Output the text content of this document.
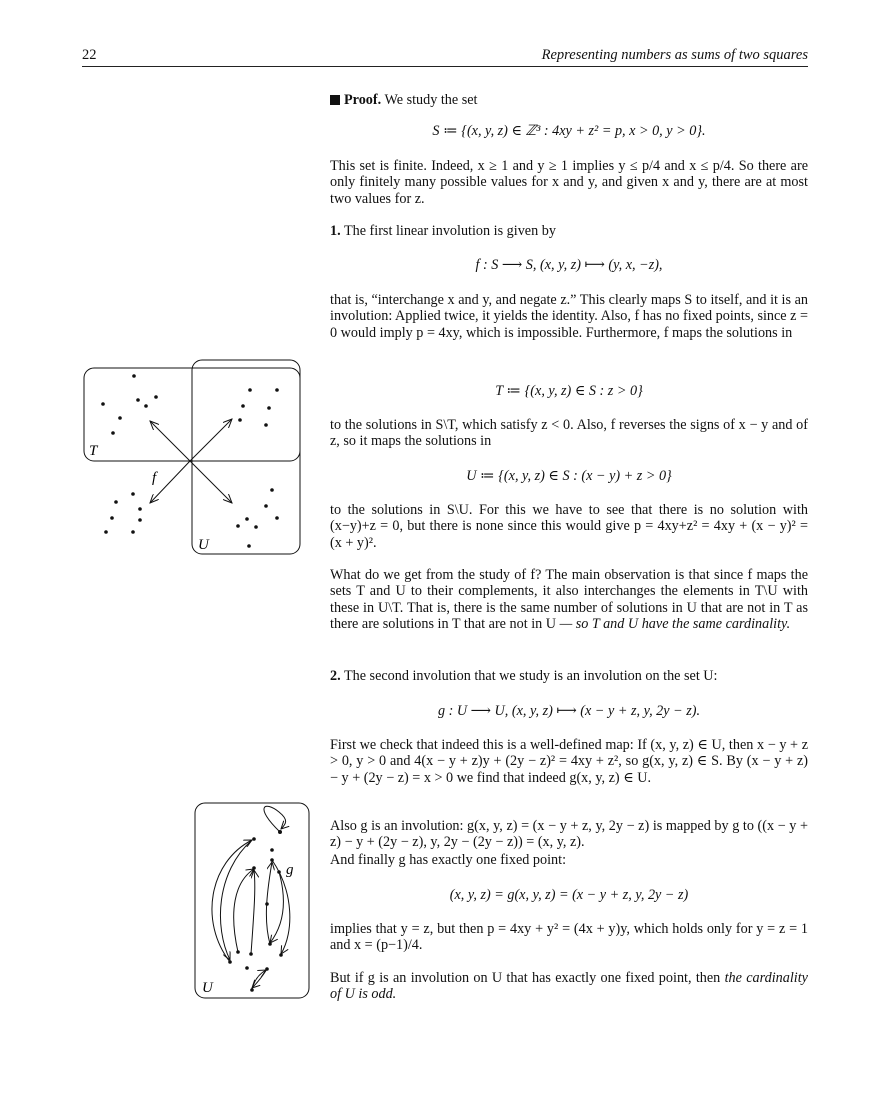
22	Representing numbers as sums of two squares
Proof. We study the set
S ≔ {(x, y, z) ∈ ℤ³ : 4xy + z² = p, x > 0, y > 0}.
This set is finite. Indeed, x ≥ 1 and y ≥ 1 implies y ≤ p/4 and x ≤ p/4. So there are only finitely many possible values for x and y, and given x and y, there are at most two values for z.
1. The first linear involution is given by
f : S ⟶ S, (x, y, z) ⟼ (y, x, −z),
that is, “interchange x and y, and negate z.” This clearly maps S to itself, and it is an involution: Applied twice, it yields the identity. Also, f has no fixed points, since z = 0 would imply p = 4xy, which is impossible. Furthermore, f maps the solutions in
T ≔ {(x, y, z) ∈ S : z > 0}
to the solutions in S\T, which satisfy z < 0. Also, f reverses the signs of x − y and of z, so it maps the solutions in
U ≔ {(x, y, z) ∈ S : (x − y) + z > 0}
to the solutions in S\U. For this we have to see that there is no solution with (x−y)+z = 0, but there is none since this would give p = 4xy+z² = 4xy + (x − y)² = (x + y)².
What do we get from the study of f? The main observation is that since f maps the sets T and U to their complements, it also interchanges the elements in T\U with these in U\T. That is, there is the same number of solutions in U that are not in T as there are solutions in T that are not in U — so T and U have the same cardinality.
2. The second involution that we study is an involution on the set U:
g : U ⟶ U, (x, y, z) ⟼ (x − y + z, y, 2y − z).
First we check that indeed this is a well-defined map: If (x, y, z) ∈ U, then x − y + z > 0, y > 0 and 4(x − y + z)y + (2y − z)² = 4xy + z², so g(x, y, z) ∈ S. By (x − y + z) − y + (2y − z) = x > 0 we find that indeed g(x, y, z) ∈ U.
Also g is an involution: g(x, y, z) = (x − y + z, y, 2y − z) is mapped by g to ((x − y + z) − y + (2y − z), y, 2y − (2y − z)) = (x, y, z).
And finally g has exactly one fixed point:
(x, y, z) = g(x, y, z) = (x − y + z, y, 2y − z)
implies that y = z, but then p = 4xy + y² = (4x + y)y, which holds only for y = z = 1 and x = (p−1)/4.
But if g is an involution on U that has exactly one fixed point, then the cardinality of U is odd.
T
f
U
g
U
